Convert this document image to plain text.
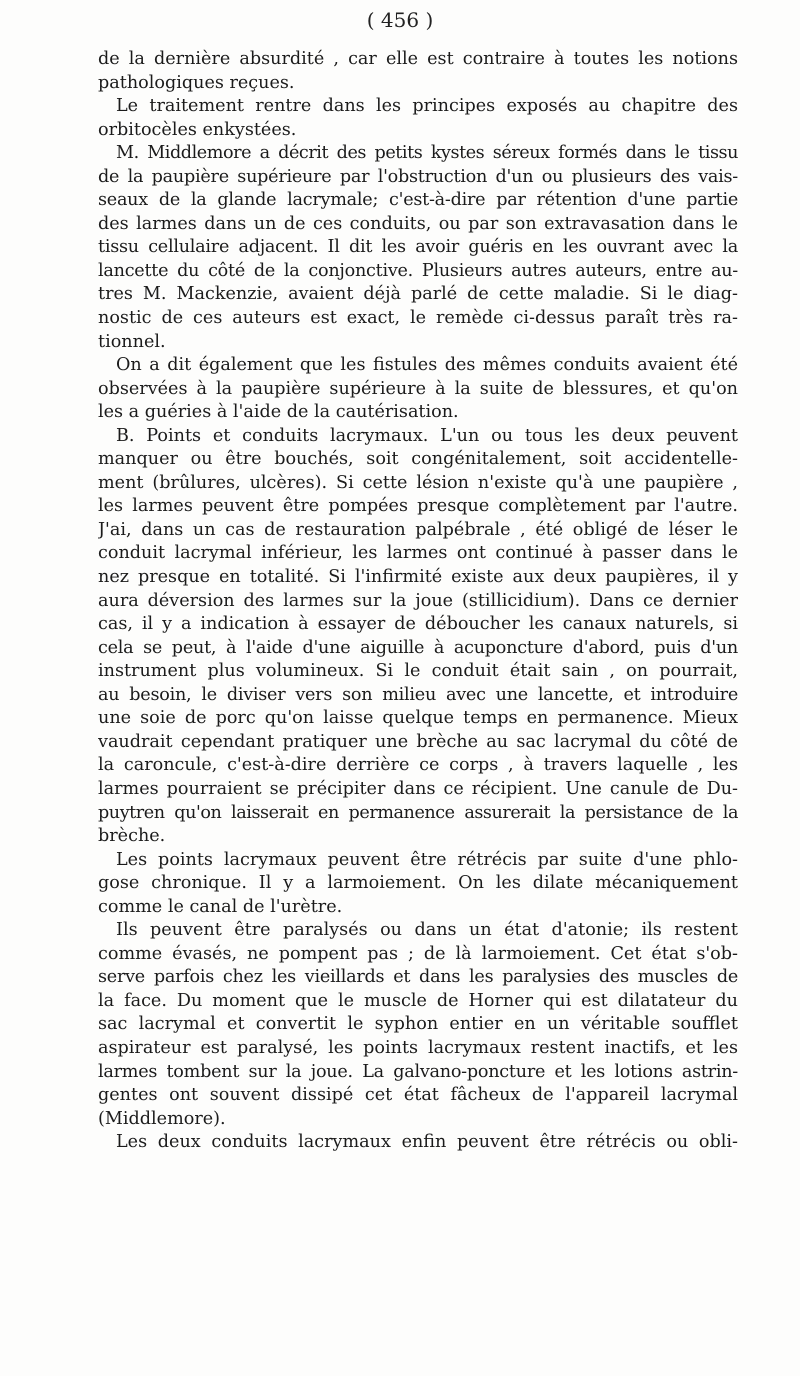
( 456 )
de la dernière absurdité , car elle est contraire à toutes les notions
pathologiques reçues.
Le traitement rentre dans les principes exposés au chapitre des
orbitocèles enkystées.
M. Middlemore a décrit des petits kystes séreux formés dans le tissu
de la paupière supérieure par l'obstruction d'un ou plusieurs des vais-
seaux de la glande lacrymale; c'est-à-dire par rétention d'une partie
des larmes dans un de ces conduits, ou par son extravasation dans le
tissu cellulaire adjacent. Il dit les avoir guéris en les ouvrant avec la
lancette du côté de la conjonctive. Plusieurs autres auteurs, entre au-
tres M. Mackenzie, avaient déjà parlé de cette maladie. Si le diag-
nostic de ces auteurs est exact, le remède ci-dessus paraît très ra-
tionnel.
On a dit également que les fistules des mêmes conduits avaient été
observées à la paupière supérieure à la suite de blessures, et qu'on
les a guéries à l'aide de la cautérisation.
B. Points et conduits lacrymaux. L'un ou tous les deux peuvent
manquer ou être bouchés, soit congénitalement, soit accidentelle-
ment (brûlures, ulcères). Si cette lésion n'existe qu'à une paupière ,
les larmes peuvent être pompées presque complètement par l'autre.
J'ai, dans un cas de restauration palpébrale , été obligé de léser le
conduit lacrymal inférieur, les larmes ont continué à passer dans le
nez presque en totalité. Si l'infirmité existe aux deux paupières, il y
aura déversion des larmes sur la joue (stillicidium). Dans ce dernier
cas, il y a indication à essayer de déboucher les canaux naturels, si
cela se peut, à l'aide d'une aiguille à acuponcture d'abord, puis d'un
instrument plus volumineux. Si le conduit était sain , on pourrait,
au besoin, le diviser vers son milieu avec une lancette, et introduire
une soie de porc qu'on laisse quelque temps en permanence. Mieux
vaudrait cependant pratiquer une brèche au sac lacrymal du côté de
la caroncule, c'est-à-dire derrière ce corps , à travers laquelle , les
larmes pourraient se précipiter dans ce récipient. Une canule de Du-
puytren qu'on laisserait en permanence assurerait la persistance de la
brèche.
Les points lacrymaux peuvent être rétrécis par suite d'une phlo-
gose chronique. Il y a larmoiement. On les dilate mécaniquement
comme le canal de l'urètre.
Ils peuvent être paralysés ou dans un état d'atonie; ils restent
comme évasés, ne pompent pas ; de là larmoiement. Cet état s'ob-
serve parfois chez les vieillards et dans les paralysies des muscles de
la face. Du moment que le muscle de Horner qui est dilatateur du
sac lacrymal et convertit le syphon entier en un véritable soufflet
aspirateur est paralysé, les points lacrymaux restent inactifs, et les
larmes tombent sur la joue. La galvano-poncture et les lotions astrin-
gentes ont souvent dissipé cet état fâcheux de l'appareil lacrymal
(Middlemore).
Les deux conduits lacrymaux enfin peuvent être rétrécis ou obli-
